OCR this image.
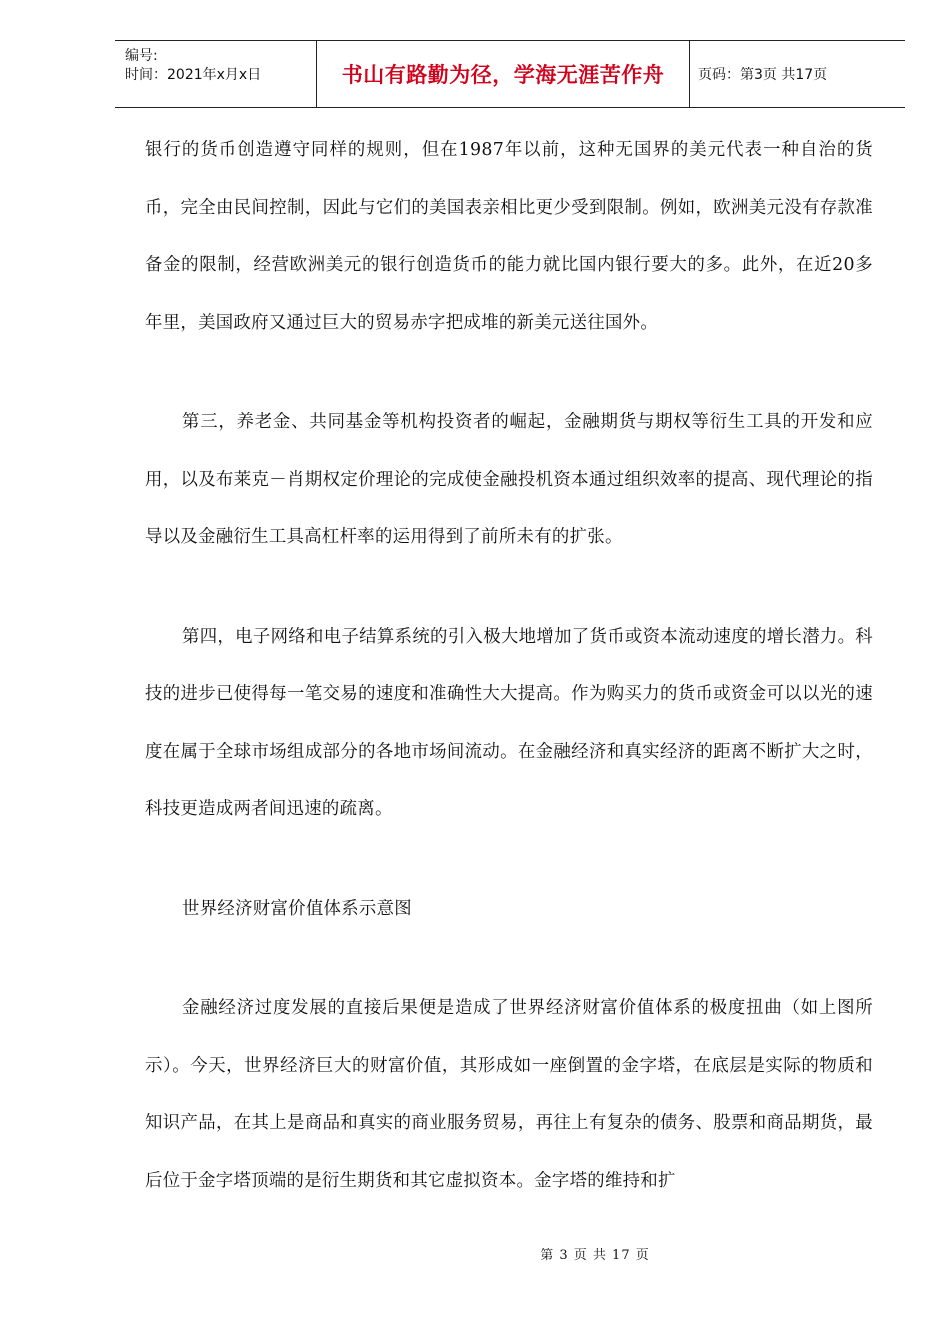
编号:
时间：2021年x月x日	书山有路勤为径，学海无涯苦作舟	页码：第3页 共17页

银行的货币创造遵守同样的规则，但在1987年以前，这种无国界的美元代表一种自治的货币，完全由民间控制，因此与它们的美国表亲相比更少受到限制。例如，欧洲美元没有存款准备金的限制，经营欧洲美元的银行创造货币的能力就比国内银行要大的多。此外，在近20多年里，美国政府又通过巨大的贸易赤字把成堆的新美元送往国外。

第三，养老金、共同基金等机构投资者的崛起，金融期货与期权等衍生工具的开发和应用，以及布莱克－肖期权定价理论的完成使金融投机资本通过组织效率的提高、现代理论的指导以及金融衍生工具高杠杆率的运用得到了前所未有的扩张。

第四，电子网络和电子结算系统的引入极大地增加了货币或资本流动速度的增长潜力。科技的进步已使得每一笔交易的速度和准确性大大提高。作为购买力的货币或资金可以以光的速度在属于全球市场组成部分的各地市场间流动。在金融经济和真实经济的距离不断扩大之时，科技更造成两者间迅速的疏离。

世界经济财富价值体系示意图

金融经济过度发展的直接后果便是造成了世界经济财富价值体系的极度扭曲（如上图所示）。今天，世界经济巨大的财富价值，其形成如一座倒置的金字塔，在底层是实际的物质和知识产品，在其上是商品和真实的商业服务贸易，再往上有复杂的债务、股票和商品期货，最后位于金字塔顶端的是衍生期货和其它虚拟资本。金字塔的维持和扩

第 3 页 共 17 页
